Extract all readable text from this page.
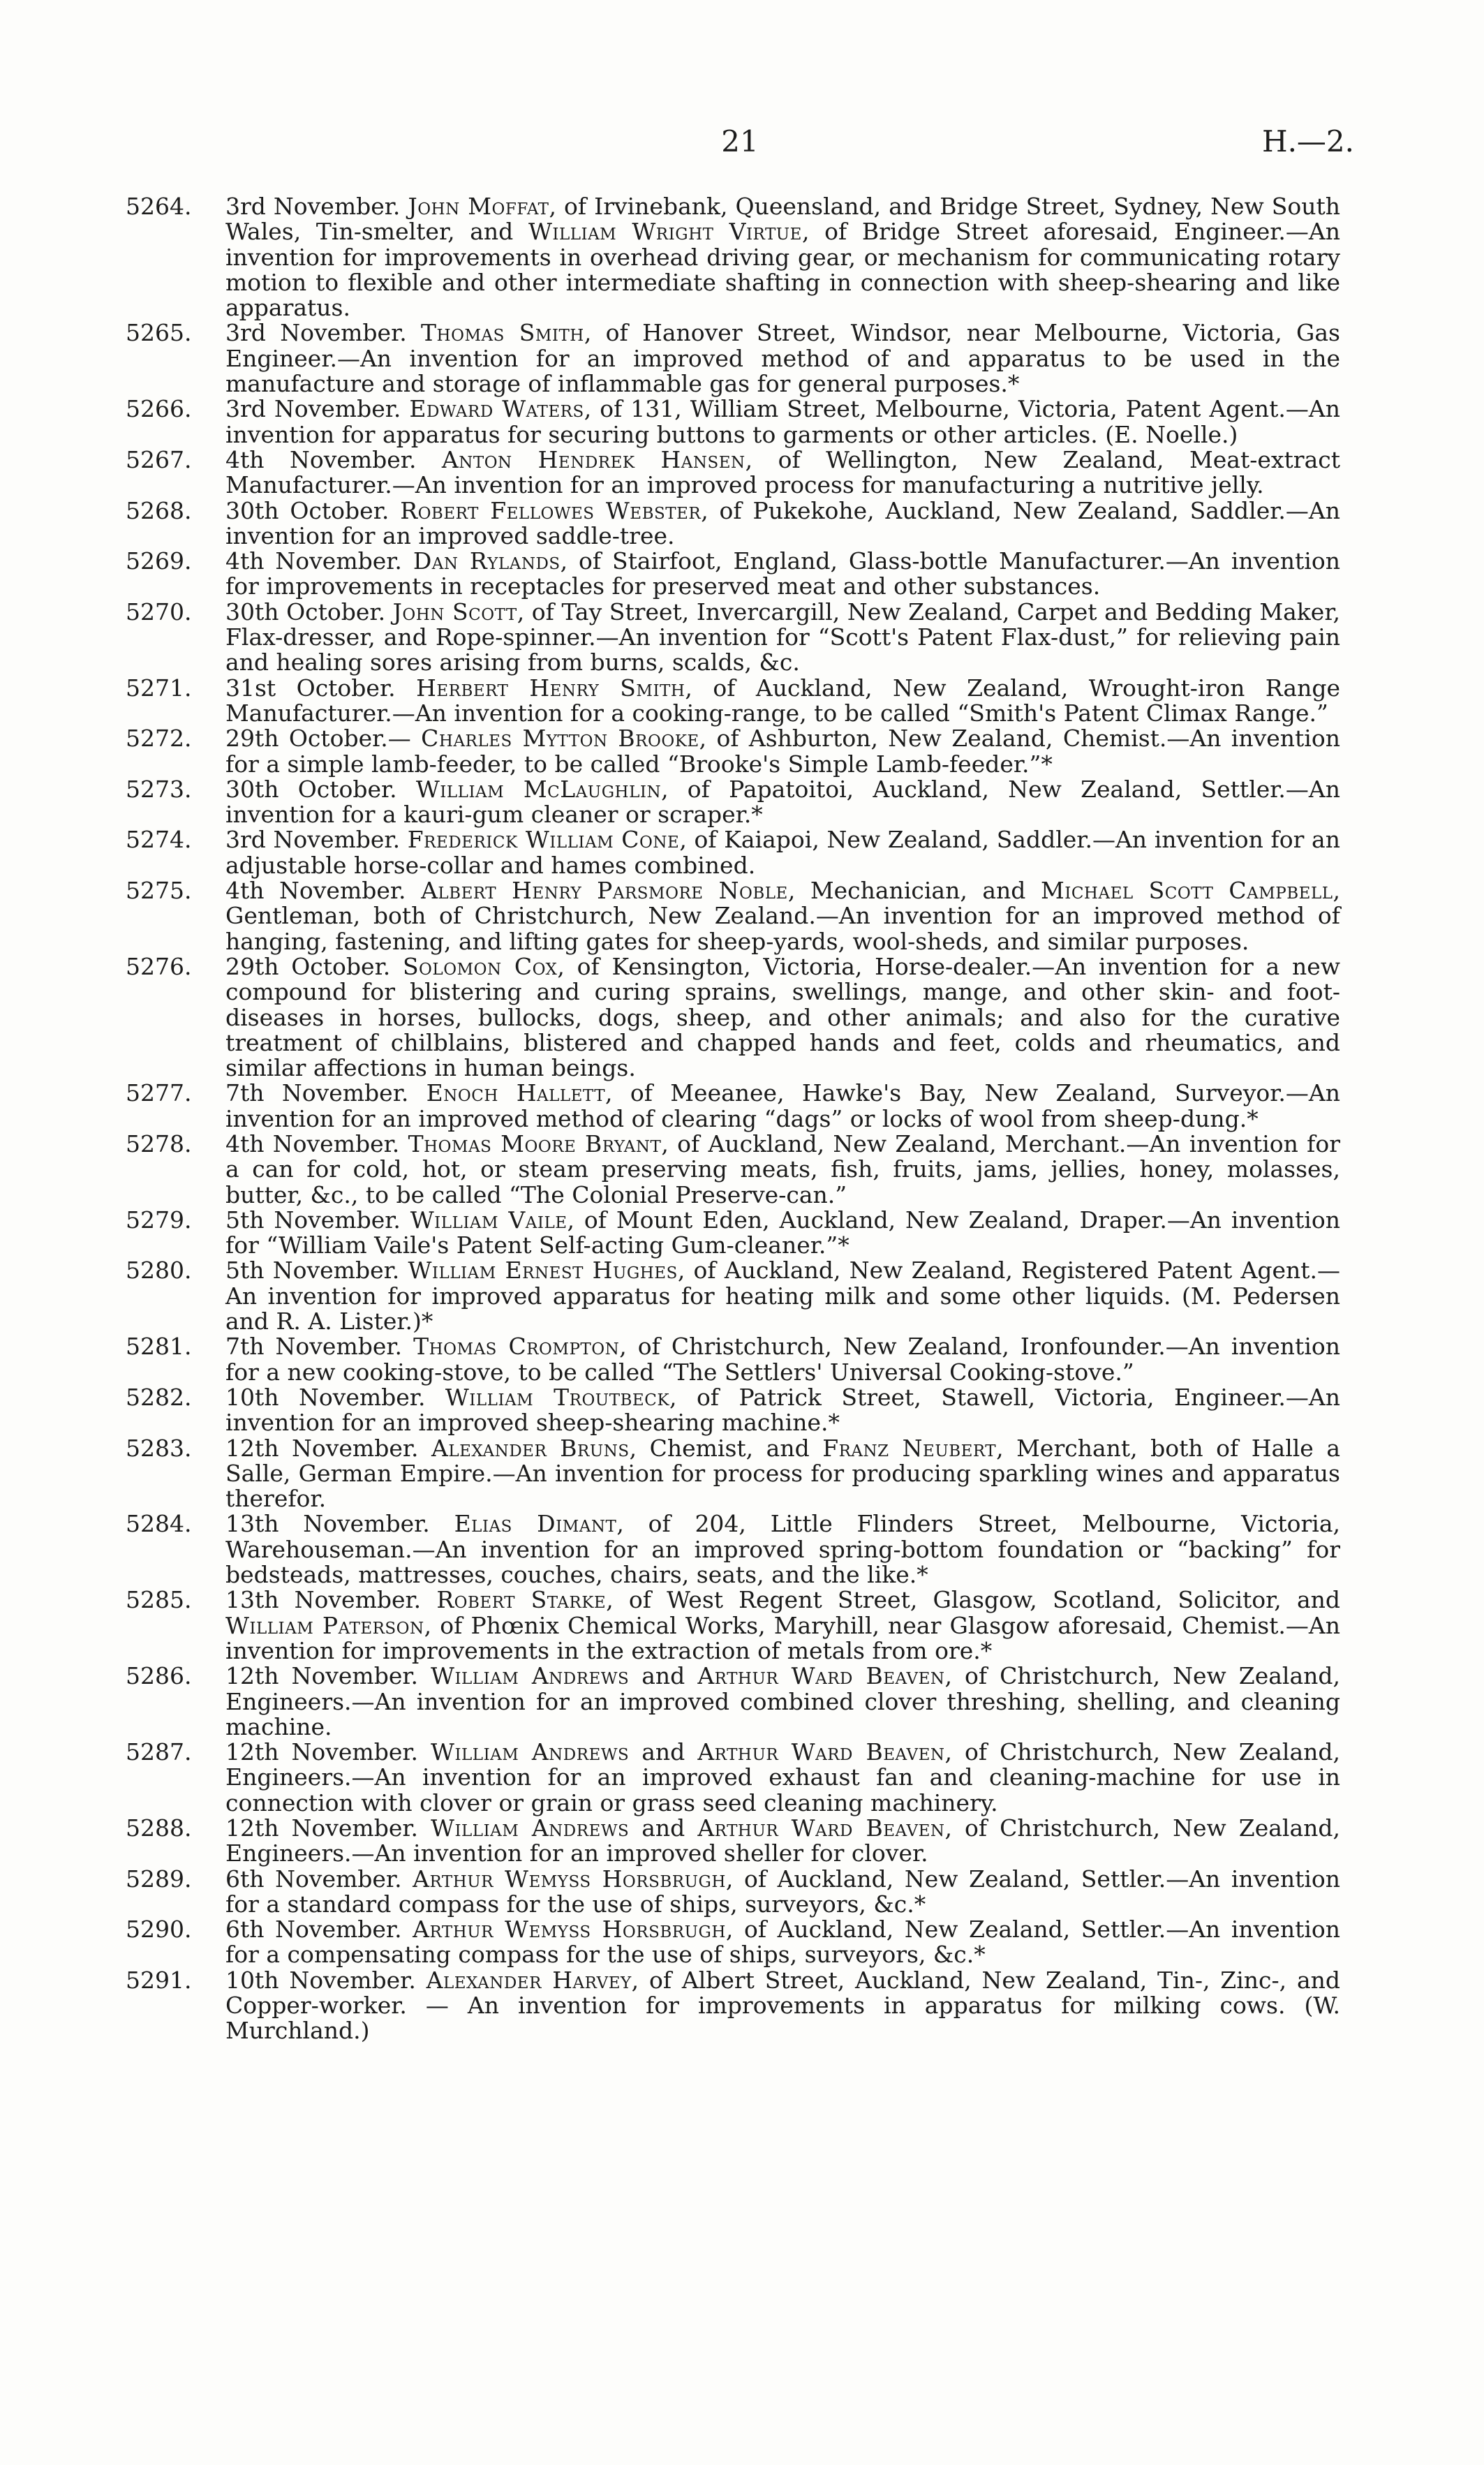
21	H.—2.
5264. 3rd November. John Moffat, of Irvinebank, Queensland, and Bridge Street, Sydney, New South Wales, Tin-smelter, and William Wright Virtue, of Bridge Street aforesaid, Engineer.—An invention for improvements in overhead driving gear, or mechanism for communicating rotary motion to flexible and other intermediate shafting in connection with sheep-shearing and like apparatus.
5265. 3rd November. Thomas Smith, of Hanover Street, Windsor, near Melbourne, Victoria, Gas Engineer.—An invention for an improved method of and apparatus to be used in the manufacture and storage of inflammable gas for general purposes.*
5266. 3rd November. Edward Waters, of 131, William Street, Melbourne, Victoria, Patent Agent.—An invention for apparatus for securing buttons to garments or other articles. (E. Noelle.)
5267. 4th November. Anton Hendrek Hansen, of Wellington, New Zealand, Meat-extract Manufacturer.—An invention for an improved process for manufacturing a nutritive jelly.
5268. 30th October. Robert Fellowes Webster, of Pukekohe, Auckland, New Zealand, Saddler.—An invention for an improved saddle-tree.
5269. 4th November. Dan Rylands, of Stairfoot, England, Glass-bottle Manufacturer.—An invention for improvements in receptacles for preserved meat and other substances.
5270. 30th October. John Scott, of Tay Street, Invercargill, New Zealand, Carpet and Bedding Maker, Flax-dresser, and Rope-spinner.—An invention for “Scott's Patent Flax-dust,” for relieving pain and healing sores arising from burns, scalds, &c.
5271. 31st October. Herbert Henry Smith, of Auckland, New Zealand, Wrought-iron Range Manufacturer.—An invention for a cooking-range, to be called “Smith's Patent Climax Range.”
5272. 29th October.— Charles Mytton Brooke, of Ashburton, New Zealand, Chemist.—An invention for a simple lamb-feeder, to be called “Brooke's Simple Lamb-feeder.”*
5273. 30th October. William McLaughlin, of Papatoitoi, Auckland, New Zealand, Settler.—An invention for a kauri-gum cleaner or scraper.*
5274. 3rd November. Frederick William Cone, of Kaiapoi, New Zealand, Saddler.—An invention for an adjustable horse-collar and hames combined.
5275. 4th November. Albert Henry Parsmore Noble, Mechanician, and Michael Scott Campbell, Gentleman, both of Christchurch, New Zealand.—An invention for an improved method of hanging, fastening, and lifting gates for sheep-yards, wool-sheds, and similar purposes.
5276. 29th October. Solomon Cox, of Kensington, Victoria, Horse-dealer.—An invention for a new compound for blistering and curing sprains, swellings, mange, and other skin- and foot-diseases in horses, bullocks, dogs, sheep, and other animals; and also for the curative treatment of chilblains, blistered and chapped hands and feet, colds and rheumatics, and similar affections in human beings.
5277. 7th November. Enoch Hallett, of Meeanee, Hawke's Bay, New Zealand, Surveyor.—An invention for an improved method of clearing “dags” or locks of wool from sheep-dung.*
5278. 4th November. Thomas Moore Bryant, of Auckland, New Zealand, Merchant.—An invention for a can for cold, hot, or steam preserving meats, fish, fruits, jams, jellies, honey, molasses, butter, &c., to be called “The Colonial Preserve-can.”
5279. 5th November. William Vaile, of Mount Eden, Auckland, New Zealand, Draper.—An invention for “William Vaile's Patent Self-acting Gum-cleaner.”*
5280. 5th November. William Ernest Hughes, of Auckland, New Zealand, Registered Patent Agent.—An invention for improved apparatus for heating milk and some other liquids. (M. Pedersen and R. A. Lister.)*
5281. 7th November. Thomas Crompton, of Christchurch, New Zealand, Ironfounder.—An invention for a new cooking-stove, to be called “The Settlers' Universal Cooking-stove.”
5282. 10th November. William Troutbeck, of Patrick Street, Stawell, Victoria, Engineer.—An invention for an improved sheep-shearing machine.*
5283. 12th November. Alexander Bruns, Chemist, and Franz Neubert, Merchant, both of Halle a Salle, German Empire.—An invention for process for producing sparkling wines and apparatus therefor.
5284. 13th November. Elias Dimant, of 204, Little Flinders Street, Melbourne, Victoria, Warehouseman.—An invention for an improved spring-bottom foundation or “backing” for bedsteads, mattresses, couches, chairs, seats, and the like.*
5285. 13th November. Robert Starke, of West Regent Street, Glasgow, Scotland, Solicitor, and William Paterson, of Phœnix Chemical Works, Maryhill, near Glasgow aforesaid, Chemist.—An invention for improvements in the extraction of metals from ore.*
5286. 12th November. William Andrews and Arthur Ward Beaven, of Christchurch, New Zealand, Engineers.—An invention for an improved combined clover threshing, shelling, and cleaning machine.
5287. 12th November. William Andrews and Arthur Ward Beaven, of Christchurch, New Zealand, Engineers.—An invention for an improved exhaust fan and cleaning-machine for use in connection with clover or grain or grass seed cleaning machinery.
5288. 12th November. William Andrews and Arthur Ward Beaven, of Christchurch, New Zealand, Engineers.—An invention for an improved sheller for clover.
5289. 6th November. Arthur Wemyss Horsbrugh, of Auckland, New Zealand, Settler.—An invention for a standard compass for the use of ships, surveyors, &c.*
5290. 6th November. Arthur Wemyss Horsbrugh, of Auckland, New Zealand, Settler.—An invention for a compensating compass for the use of ships, surveyors, &c.*
5291. 10th November. Alexander Harvey, of Albert Street, Auckland, New Zealand, Tin-, Zinc-, and Copper-worker. — An invention for improvements in apparatus for milking cows. (W. Murchland.)
